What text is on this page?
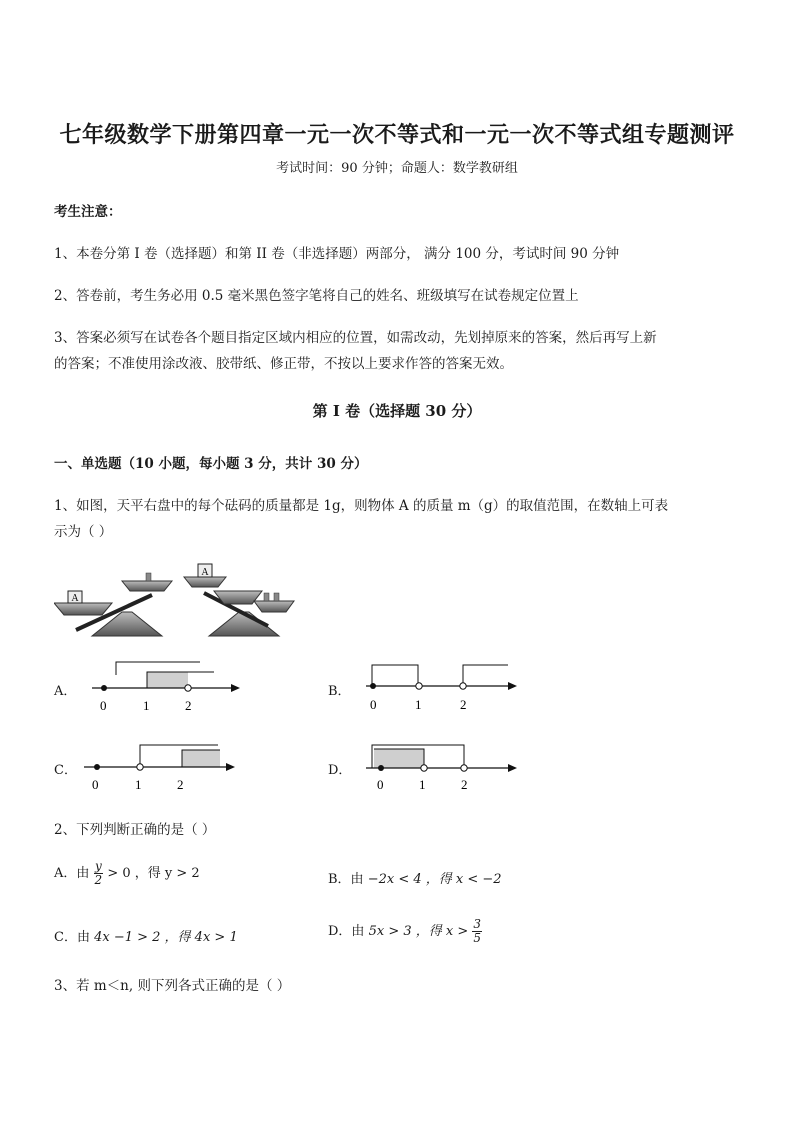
七年级数学下册第四章一元一次不等式和一元一次不等式组专题测评
考试时间：90 分钟；命题人：数学教研组
考生注意：
1、本卷分第 I 卷（选择题）和第 II 卷（非选择题）两部分， 满分 100 分，考试时间 90 分钟
2、答卷前，考生务必用 0.5 毫米黑色签字笔将自己的姓名、班级填写在试卷规定位置上
3、答案必须写在试卷各个题目指定区域内相应的位置，如需改动，先划掉原来的答案，然后再写上新
的答案；不准使用涂改液、胶带纸、修正带，不按以上要求作答的答案无效。
第 I 卷（选择题 30 分）
一、单选题（10 小题，每小题 3 分，共计 30 分）
1、如图，天平右盘中的每个砝码的质量都是 1g，则物体 A 的质量 m（g）的取值范围，在数轴上可表
示为（ ）
A
A
A．
0	1	2
B．
0	1	2
C．
0	1	2
D．
0	1	2
2、下列判断正确的是（ ）
A．由 $\frac{y}{2} > 0$ ，得 y > 2	B．由 −2x < 4 ，得 x < −2
C．由 4x −1 > 2 ，得 4x > 1	D．由 5x > 3 ，得 $x > \frac{3}{5}$
3、若 m＜n, 则下列各式正确的是（ ）
